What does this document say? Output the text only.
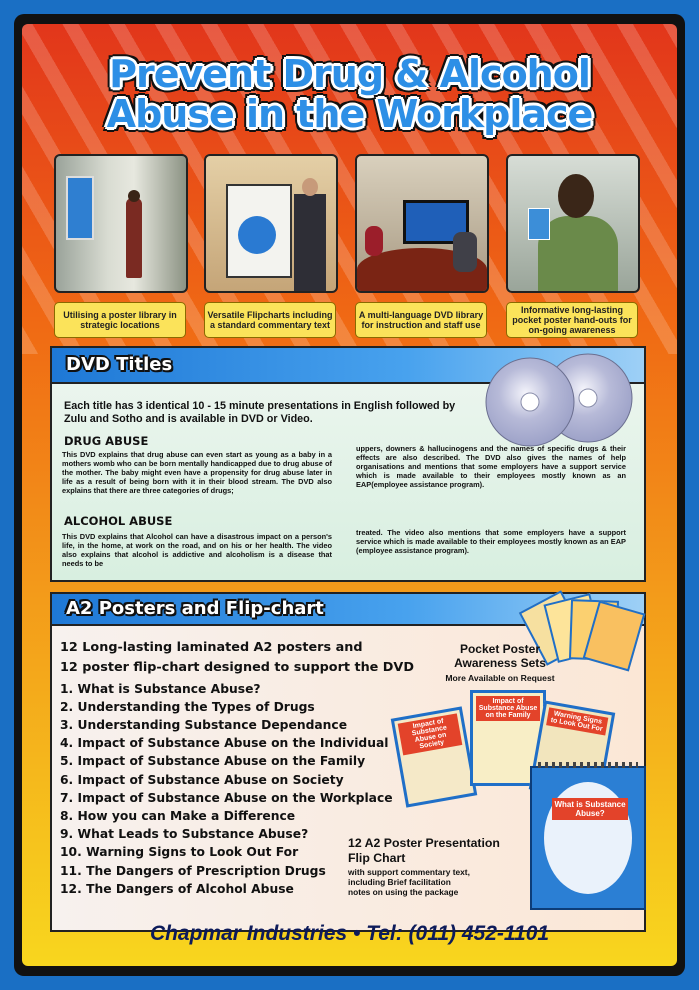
Prevent Drug & Alcohol
Abuse in the Workplace
Utilising a poster library in strategic locations
Versatile Flipcharts including a standard commentary text
A multi-language DVD library for instruction and staff use
Informative long-lasting pocket poster hand-outs for on-going awareness
DVD Titles
Each title has 3 identical 10 - 15 minute presentations in English followed by Zulu and Sotho and is available in DVD or Video.
DRUG ABUSE
This DVD explains that drug abuse can even start as young as a baby in a mothers womb who can be born mentally handicapped due to drug abuse of the mother. The baby might even have a propensity for drug abuse later in life as a result of being born with it in their blood stream. The DVD also explains that there are three categories of drugs;
uppers, downers & hallucinogens and the names of specific drugs & their effects are also described. The DVD also gives the names of help organisations and mentions that some employers have a support service which is made available to their employees mostly known as an EAP(employee assistance program).
ALCOHOL ABUSE
This DVD explains that Alcohol can have a disastrous impact on a person's life, in the home, at work on the road, and on his or her health. The video also explains that alcohol is addictive and alcoholism is a disease that needs to be
treated. The video also mentions that some employers have a support service which is made available to their employees mostly known as an EAP (employee assistance program).
A2 Posters and Flip-chart
12 Long-lasting laminated A2 posters and
12 poster flip-chart designed to support the DVD
1. What is Substance Abuse?
2. Understanding the Types of Drugs
3. Understanding Substance Dependance
4. Impact of Substance Abuse on the Individual
5. Impact of Substance Abuse on the Family
6. Impact of Substance Abuse on Society
7. Impact of Substance Abuse on the Workplace
8. How you can Make a Difference
9. What Leads to Substance Abuse?
10. Warning Signs to Look Out For
11. The Dangers of Prescription Drugs
12. The Dangers of Alcohol Abuse
Pocket Poster
Awareness Sets
More Available on Request
Impact of Substance Abuse on Society
Impact of Substance Abuse on the Family	Warning Signs to Look Out For
What is Substance Abuse?
12 A2 Poster Presentation
Flip Chart
with support commentary text,
including Brief facilitation
notes on using the package
Chapmar Industries • Tel: (011) 452-1101
